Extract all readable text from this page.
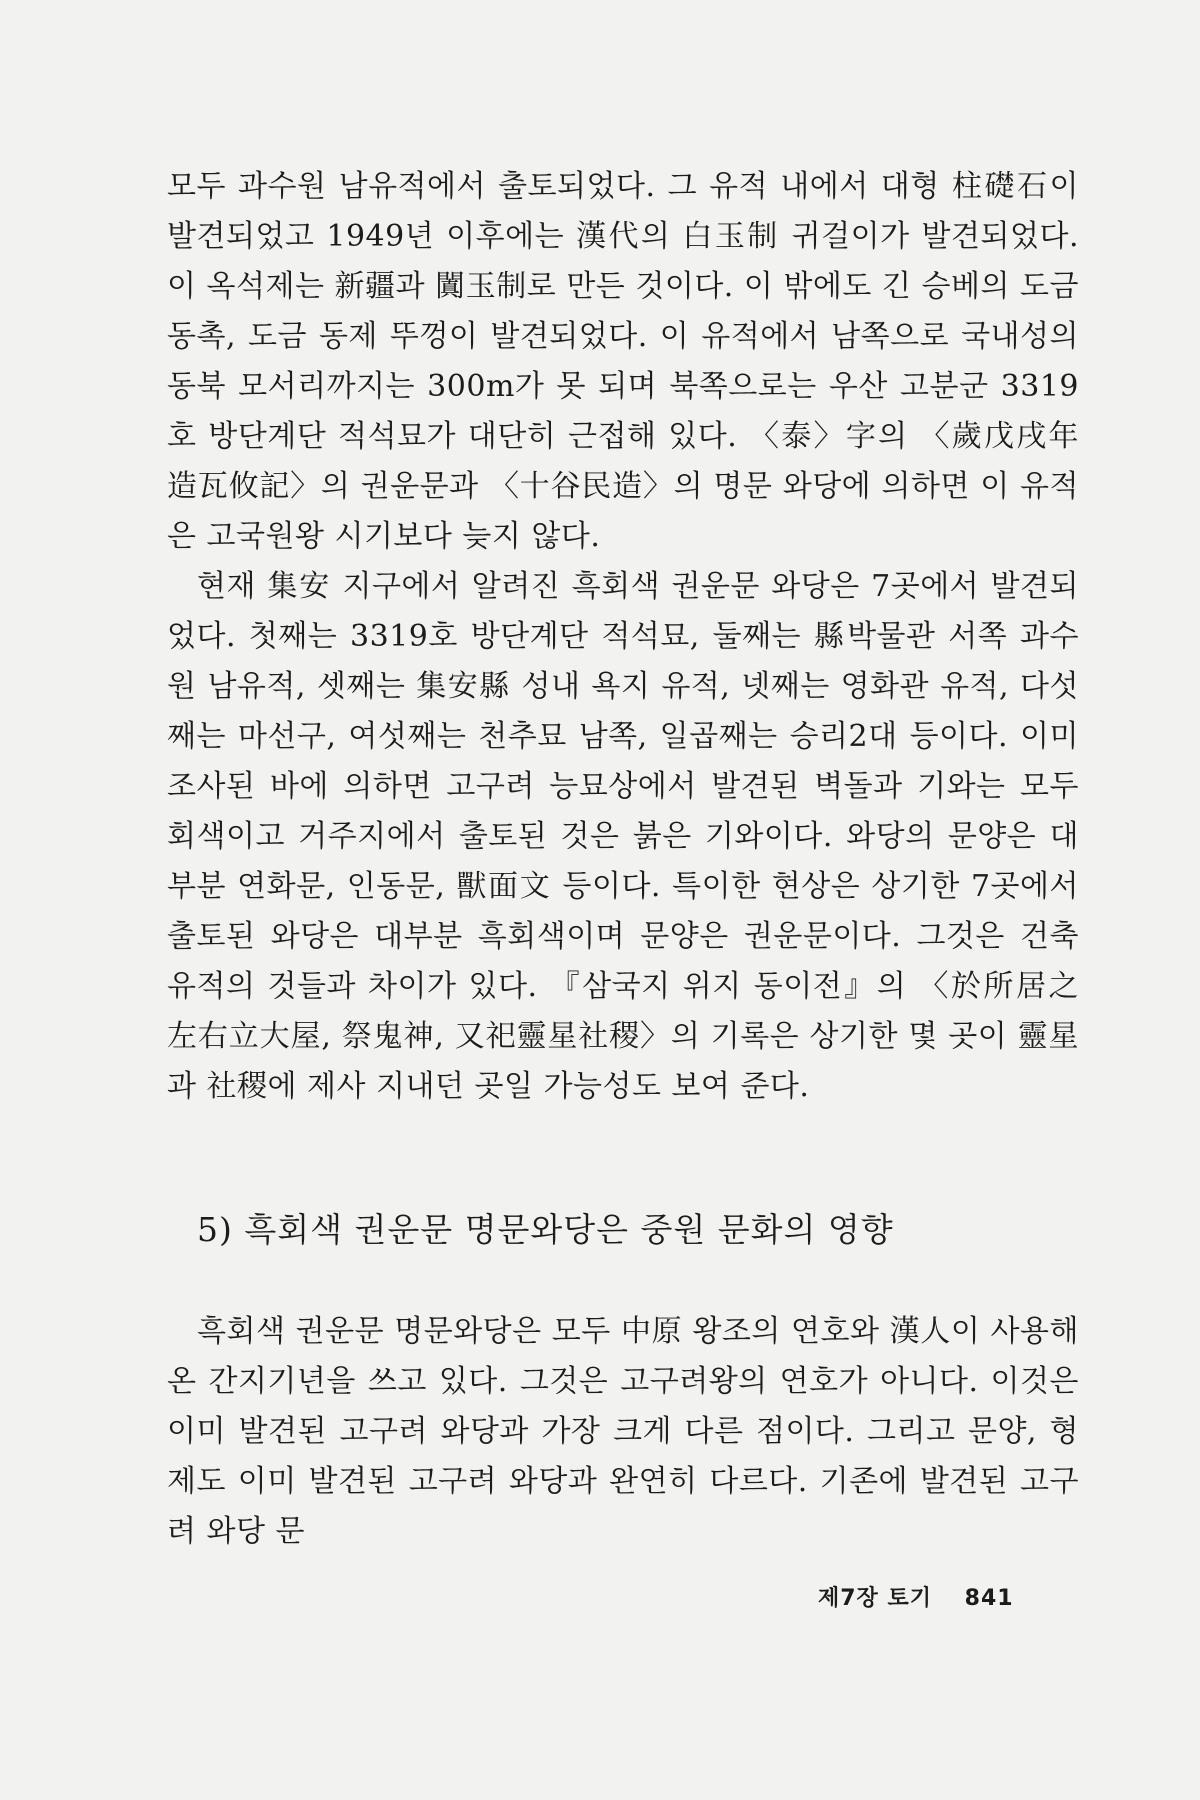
모두 과수원 남유적에서 출토되었다. 그 유적 내에서 대형 柱礎石이 발견되었고 1949년 이후에는 漢代의 白玉制 귀걸이가 발견되었다. 이 옥석제는 新疆과 闐玉制로 만든 것이다. 이 밖에도 긴 승베의 도금 동촉, 도금 동제 뚜껑이 발견되었다. 이 유적에서 남쪽으로 국내성의 동북 모서리까지는 300m가 못 되며 북쪽으로는 우산 고분군 3319호 방단계단 적석묘가 대단히 근접해 있다. 〈泰〉字의 〈歲戊戌年造瓦攸記〉의 권운문과 〈十谷民造〉의 명문 와당에 의하면 이 유적은 고국원왕 시기보다 늦지 않다.

현재 集安 지구에서 알려진 흑회색 권운문 와당은 7곳에서 발견되었다. 첫째는 3319호 방단계단 적석묘, 둘째는 縣박물관 서쪽 과수원 남유적, 셋째는 集安縣 성내 욕지 유적, 넷째는 영화관 유적, 다섯째는 마선구, 여섯째는 천추묘 남쪽, 일곱째는 승리2대 등이다. 이미 조사된 바에 의하면 고구려 능묘상에서 발견된 벽돌과 기와는 모두 회색이고 거주지에서 출토된 것은 붉은 기와이다. 와당의 문양은 대부분 연화문, 인동문, 獸面文 등이다. 특이한 현상은 상기한 7곳에서 출토된 와당은 대부분 흑회색이며 문양은 권운문이다. 그것은 건축 유적의 것들과 차이가 있다. 『삼국지 위지 동이전』의 〈於所居之左右立大屋, 祭鬼神, 又祀靈星社稷〉의 기록은 상기한 몇 곳이 靈星과 社稷에 제사 지내던 곳일 가능성도 보여 준다.

5) 흑회색 권운문 명문와당은 중원 문화의 영향

흑회색 권운문 명문와당은 모두 中原 왕조의 연호와 漢人이 사용해 온 간지기년을 쓰고 있다. 그것은 고구려왕의 연호가 아니다. 이것은 이미 발견된 고구려 와당과 가장 크게 다른 점이다. 그리고 문양, 형제도 이미 발견된 고구려 와당과 완연히 다르다. 기존에 발견된 고구려 와당 문

제7장 토기 841
